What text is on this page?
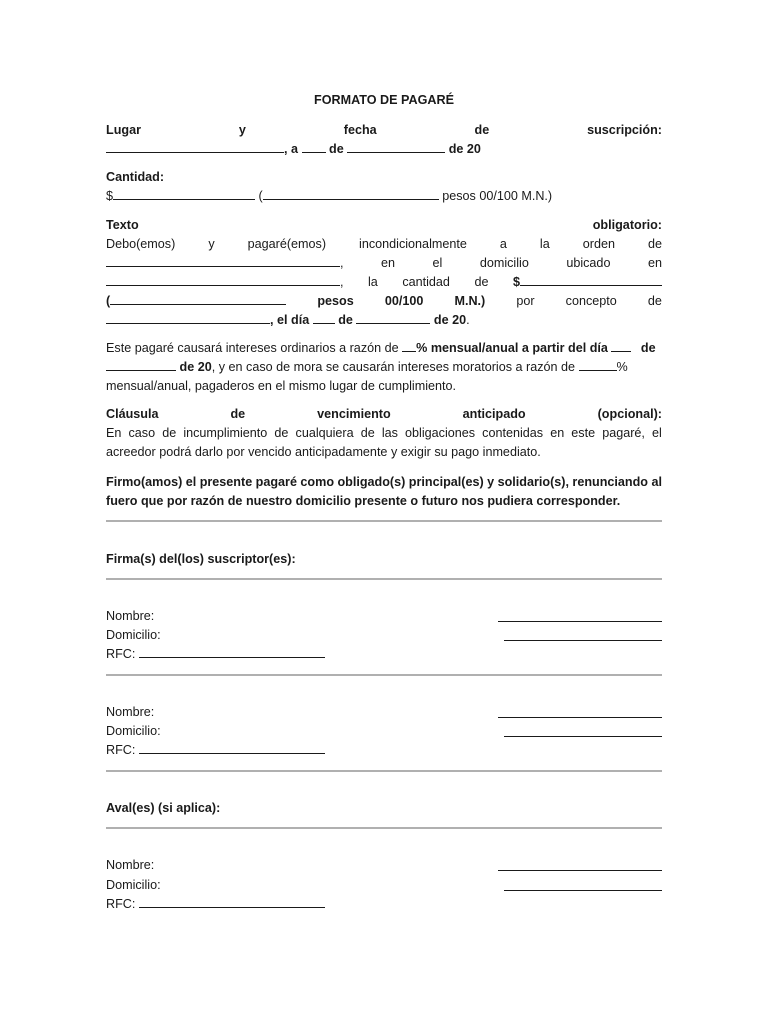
FORMATO DE PAGARÉ
Lugar	y	fecha	de	suscripción:
, a de	de 20
Cantidad:
$	(	pesos 00/100 M.N.)
Texto	obligatorio:
Debo(emos)	y	pagaré(emos)	incondicionalmente	a	la	orden	de
,	en	el	domicilio	ubicado	en
, la cantidad de $
(	pesos 00/100 M.N.) por concepto de
, el día de	de 20.
Este pagaré causará intereses ordinarios a razón de % mensual/anual a partir del día	de
de 20, y en caso de mora se causarán intereses moratorios a razón de	%
mensual/anual, pagaderos en el mismo lugar de cumplimiento.
Cláusula	de	vencimiento	anticipado	(opcional):
En caso de incumplimiento de cualquiera de las obligaciones contenidas en este pagaré, el
acreedor podrá darlo por vencido anticipadamente y exigir su pago inmediato.
Firmo(amos) el presente pagaré como obligado(s) principal(es) y solidario(s), renunciando al
fuero que por razón de nuestro domicilio presente o futuro nos pudiera corresponder.
Firma(s) del(los) suscriptor(es):
Nombre:
Domicilio:
RFC:
Nombre:
Domicilio:
RFC:
Aval(es) (si aplica):
Nombre:
Domicilio:
RFC:
